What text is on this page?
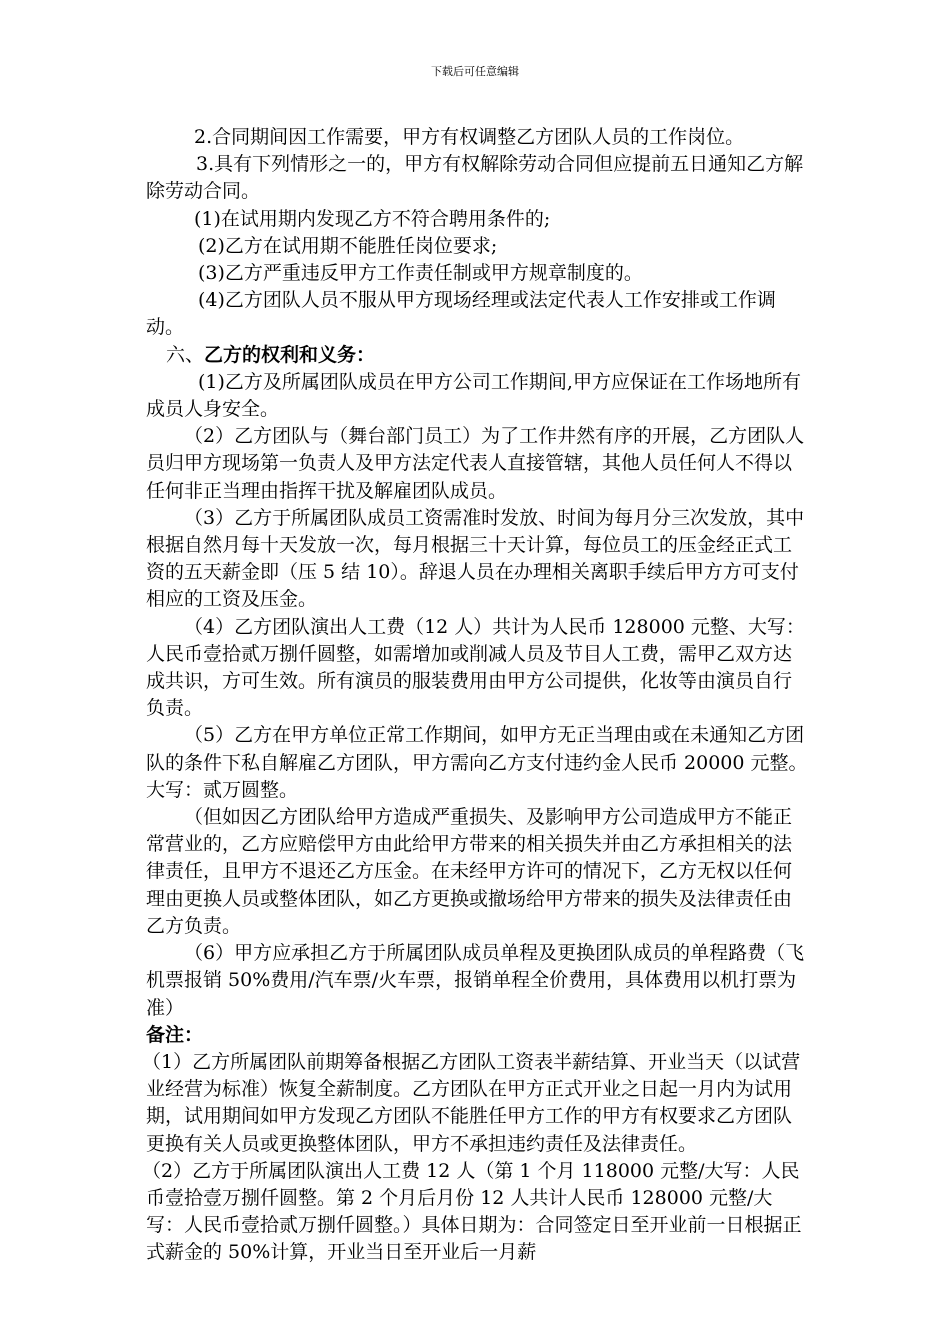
下载后可任意编辑

2.合同期间因工作需要，甲方有权调整乙方团队人员的工作岗位。

3.具有下列情形之一的，甲方有权解除劳动合同但应提前五日通知乙方解除劳动合同。

(1)在试用期内发现乙方不符合聘用条件的;

(2)乙方在试用期不能胜任岗位要求;

(3)乙方严重违反甲方工作责任制或甲方规章制度的。

(4)乙方团队人员不服从甲方现场经理或法定代表人工作安排或工作调动。

六、乙方的权利和义务：

(1)乙方及所属团队成员在甲方公司工作期间,甲方应保证在工作场地所有成员人身安全。

（2）乙方团队与（舞台部门员工）为了工作井然有序的开展，乙方团队人员归甲方现场第一负责人及甲方法定代表人直接管辖，其他人员任何人不得以任何非正当理由指挥干扰及解雇团队成员。

（3）乙方于所属团队成员工资需准时发放、时间为每月分三次发放，其中根据自然月每十天发放一次，每月根据三十天计算，每位员工的压金经正式工资的五天薪金即（压 5 结 10）。辞退人员在办理相关离职手续后甲方方可支付相应的工资及压金。

（4）乙方团队演出人工费（12 人）共计为人民币 128000 元整、大写：人民币壹拾贰万捌仟圆整，如需增加或削减人员及节目人工费，需甲乙双方达成共识，方可生效。所有演员的服装费用由甲方公司提供，化妆等由演员自行负责。

（5）乙方在甲方单位正常工作期间，如甲方无正当理由或在未通知乙方团队的条件下私自解雇乙方团队，甲方需向乙方支付违约金人民币 20000 元整。大写：贰万圆整。

（但如因乙方团队给甲方造成严重损失、及影响甲方公司造成甲方不能正常营业的，乙方应赔偿甲方由此给甲方带来的相关损失并由乙方承担相关的法律责任，且甲方不退还乙方压金。在未经甲方许可的情况下，乙方无权以任何理由更换人员或整体团队，如乙方更换或撤场给甲方带来的损失及法律责任由乙方负责。

（6）甲方应承担乙方于所属团队成员单程及更换团队成员的单程路费（飞机票报销 50%费用/汽车票/火车票，报销单程全价费用，具体费用以机打票为准）

备注：

（1）乙方所属团队前期筹备根据乙方团队工资表半薪结算、开业当天（以试营业经营为标准）恢复全薪制度。乙方团队在甲方正式开业之日起一月内为试用期，试用期间如甲方发现乙方团队不能胜任甲方工作的甲方有权要求乙方团队更换有关人员或更换整体团队，甲方不承担违约责任及法律责任。

（2）乙方于所属团队演出人工费 12 人（第 1 个月 118000 元整/大写：人民币壹拾壹万捌仟圆整。第 2 个月后月份 12 人共计人民币 128000 元整/大写：人民币壹拾贰万捌仟圆整。）具体日期为：合同签定日至开业前一日根据正式薪金的 50%计算，开业当日至开业后一月薪
